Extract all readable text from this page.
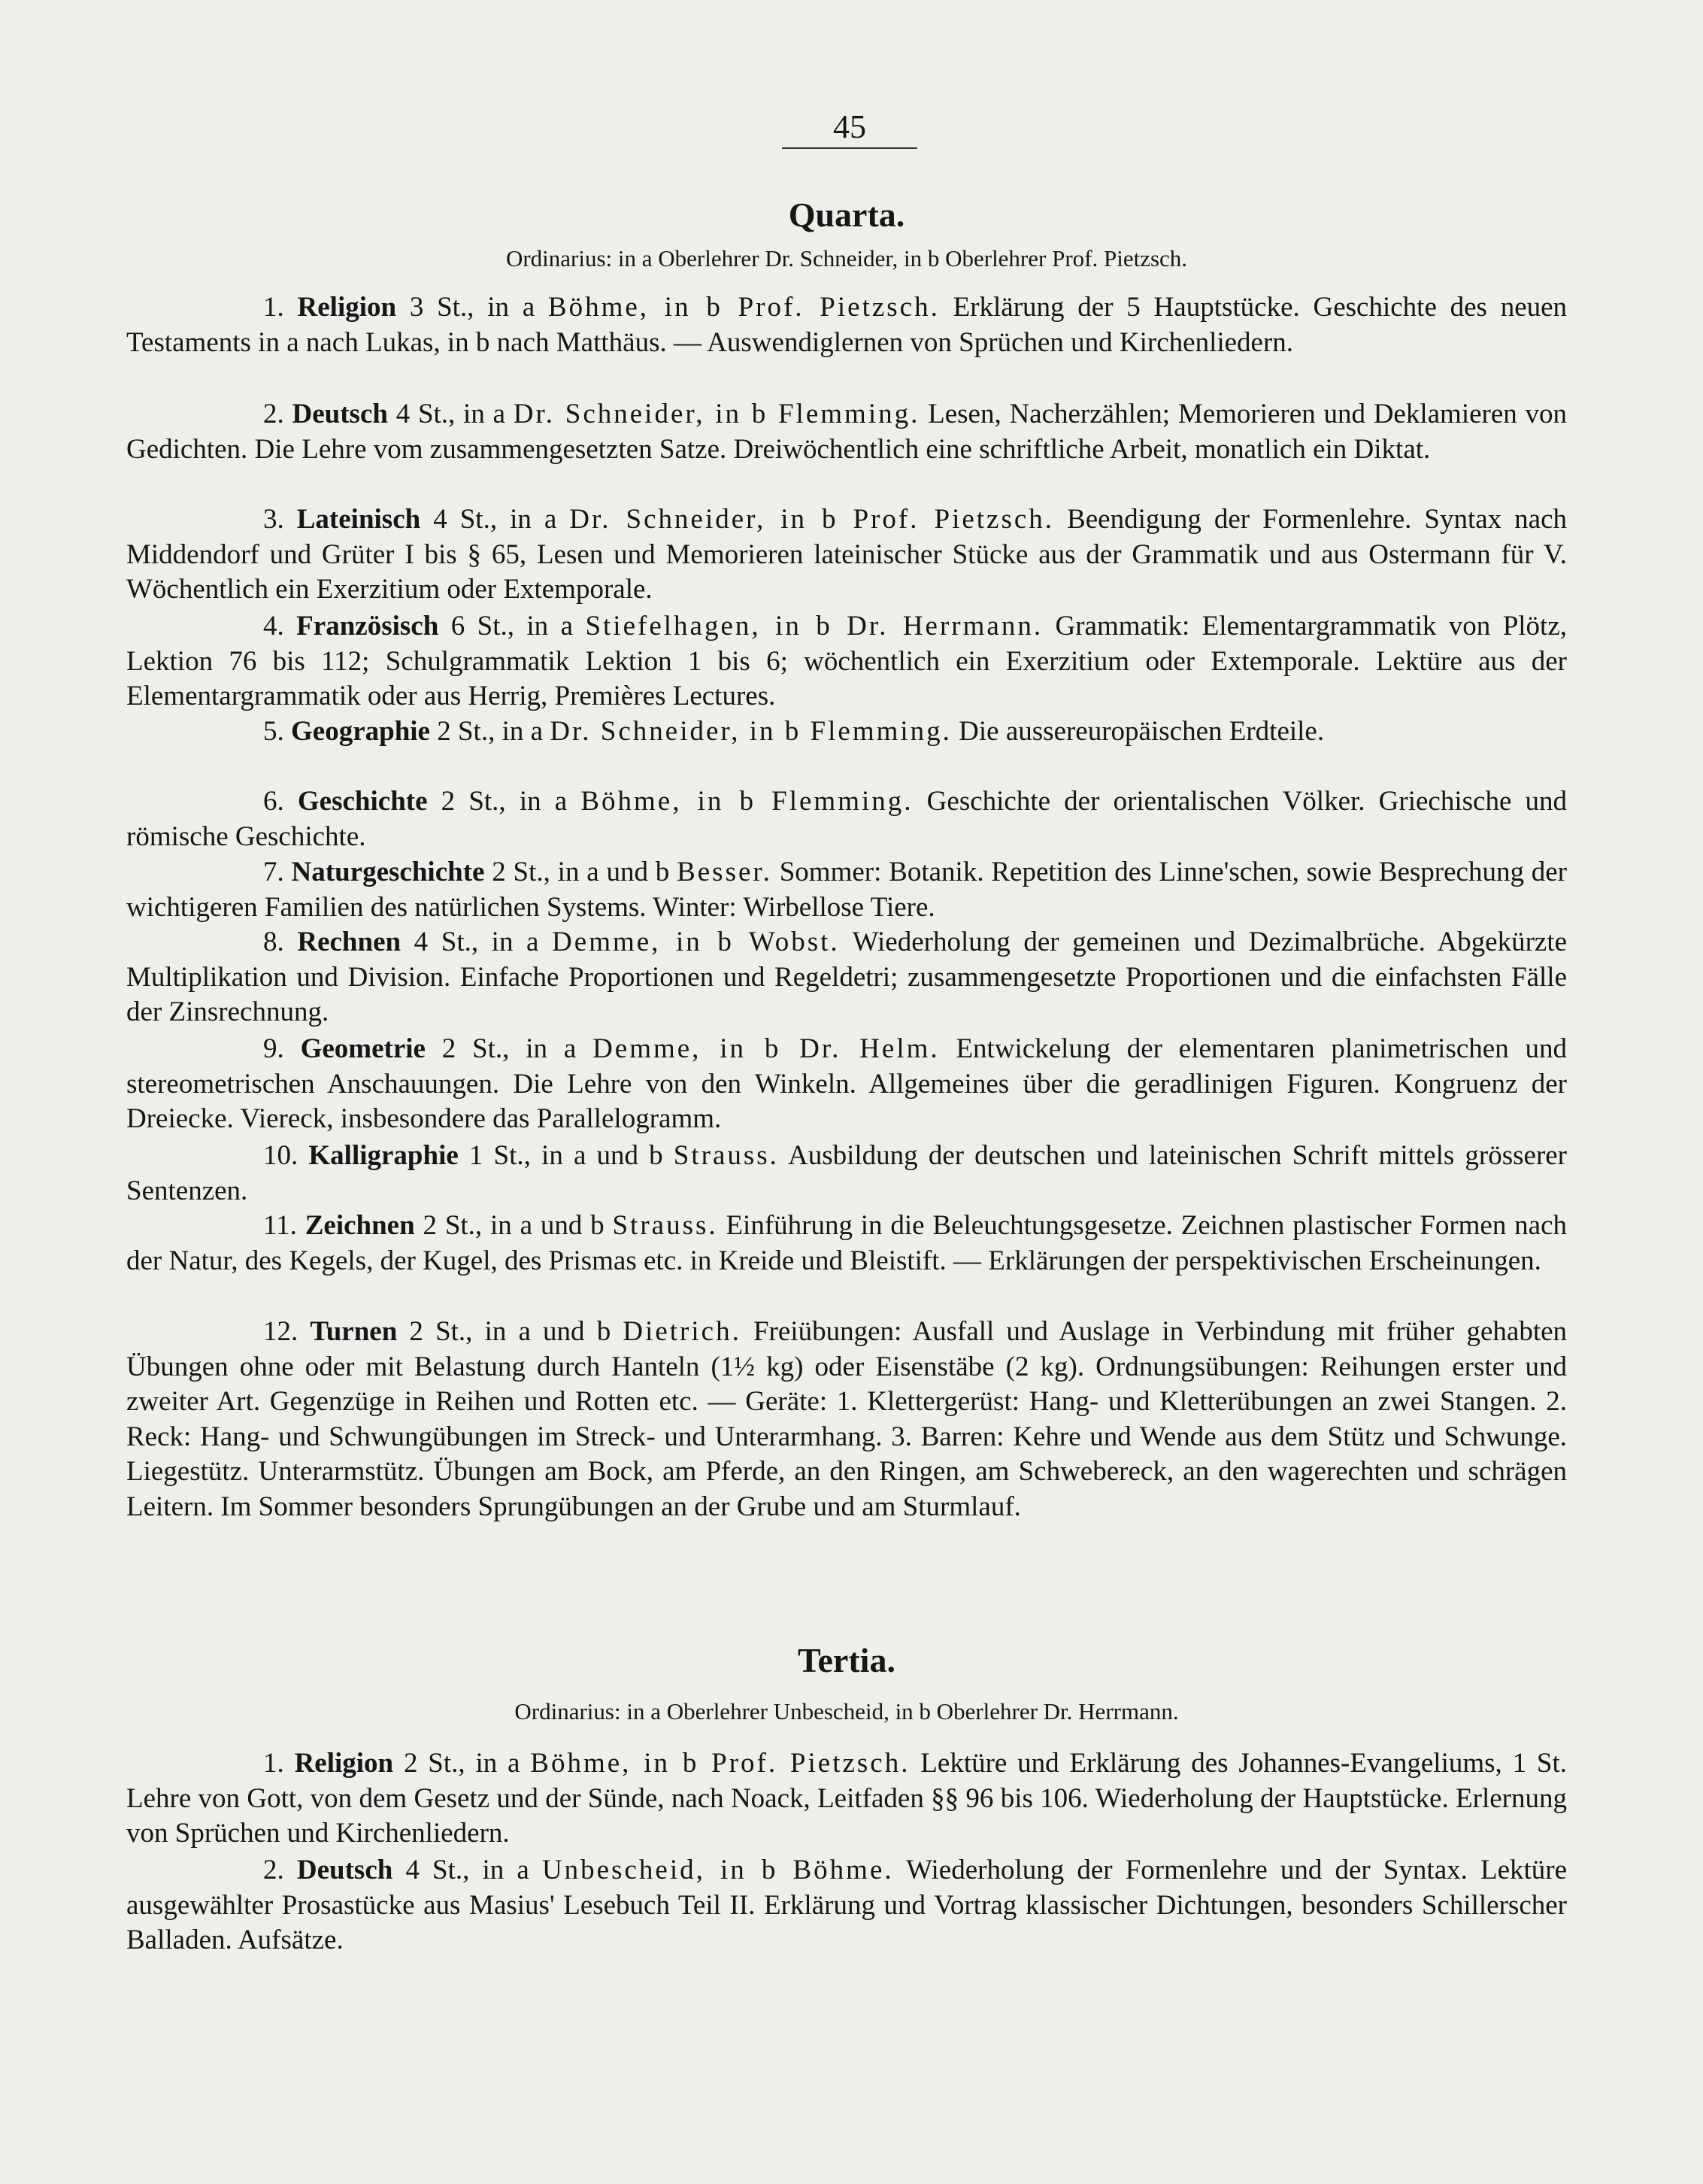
45
Quarta.
Ordinarius: in a Oberlehrer Dr. Schneider, in b Oberlehrer Prof. Pietzsch.
1. Religion 3 St., in a Böhme, in b Prof. Pietzsch. Erklärung der 5 Hauptstücke. Geschichte des neuen Testaments in a nach Lukas, in b nach Matthäus. — Auswendiglernen von Sprüchen und Kirchenliedern.
2. Deutsch 4 St., in a Dr. Schneider, in b Flemming. Lesen, Nacherzählen; Memorieren und Deklamieren von Gedichten. Die Lehre vom zusammengesetzten Satze. Dreiwöchentlich eine schriftliche Arbeit, monatlich ein Diktat.
3. Lateinisch 4 St., in a Dr. Schneider, in b Prof. Pietzsch. Beendigung der Formenlehre. Syntax nach Middendorf und Grüter I bis § 65, Lesen und Memorieren lateinischer Stücke aus der Grammatik und aus Ostermann für V. Wöchentlich ein Exerzitium oder Extemporale.
4. Französisch 6 St., in a Stiefelhagen, in b Dr. Herrmann. Grammatik: Elementargrammatik von Plötz, Lektion 76 bis 112; Schulgrammatik Lektion 1 bis 6; wöchentlich ein Exerzitium oder Extemporale. Lektüre aus der Elementargrammatik oder aus Herrig, Premières Lectures.
5. Geographie 2 St., in a Dr. Schneider, in b Flemming. Die aussereuropäischen Erdteile.
6. Geschichte 2 St., in a Böhme, in b Flemming. Geschichte der orientalischen Völker. Griechische und römische Geschichte.
7. Naturgeschichte 2 St., in a und b Besser. Sommer: Botanik. Repetition des Linne'schen, sowie Besprechung der wichtigeren Familien des natürlichen Systems. Winter: Wirbellose Tiere.
8. Rechnen 4 St., in a Demme, in b Wobst. Wiederholung der gemeinen und Dezimalbrüche. Abgekürzte Multiplikation und Division. Einfache Proportionen und Regeldetri; zusammengesetzte Proportionen und die einfachsten Fälle der Zinsrechnung.
9. Geometrie 2 St., in a Demme, in b Dr. Helm. Entwickelung der elementaren planimetrischen und stereometrischen Anschauungen. Die Lehre von den Winkeln. Allgemeines über die geradlinigen Figuren. Kongruenz der Dreiecke. Viereck, insbesondere das Parallelogramm.
10. Kalligraphie 1 St., in a und b Strauss. Ausbildung der deutschen und lateinischen Schrift mittels grösserer Sentenzen.
11. Zeichnen 2 St., in a und b Strauss. Einführung in die Beleuchtungsgesetze. Zeichnen plastischer Formen nach der Natur, des Kegels, der Kugel, des Prismas etc. in Kreide und Bleistift. — Erklärungen der perspektivischen Erscheinungen.
12. Turnen 2 St., in a und b Dietrich. Freiübungen: Ausfall und Auslage in Verbindung mit früher gehabten Übungen ohne oder mit Belastung durch Hanteln (1½ kg) oder Eisenstäbe (2 kg). Ordnungsübungen: Reihungen erster und zweiter Art. Gegenzüge in Reihen und Rotten etc. — Geräte: 1. Klettergerüst: Hang- und Kletterübungen an zwei Stangen. 2. Reck: Hang- und Schwungübungen im Streck- und Unterarmhang. 3. Barren: Kehre und Wende aus dem Stütz und Schwunge. Liegestütz. Unterarmstütz. Übungen am Bock, am Pferde, an den Ringen, am Schwebereck, an den wagerechten und schrägen Leitern. Im Sommer besonders Sprungübungen an der Grube und am Sturmlauf.
Tertia.
Ordinarius: in a Oberlehrer Unbescheid, in b Oberlehrer Dr. Herrmann.
1. Religion 2 St., in a Böhme, in b Prof. Pietzsch. Lektüre und Erklärung des Johannes-Evangeliums, 1 St. Lehre von Gott, von dem Gesetz und der Sünde, nach Noack, Leitfaden §§ 96 bis 106. Wiederholung der Hauptstücke. Erlernung von Sprüchen und Kirchenliedern.
2. Deutsch 4 St., in a Unbescheid, in b Böhme. Wiederholung der Formenlehre und der Syntax. Lektüre ausgewählter Prosastücke aus Masius' Lesebuch Teil II. Erklärung und Vortrag klassischer Dichtungen, besonders Schillerscher Balladen. Aufsätze.
